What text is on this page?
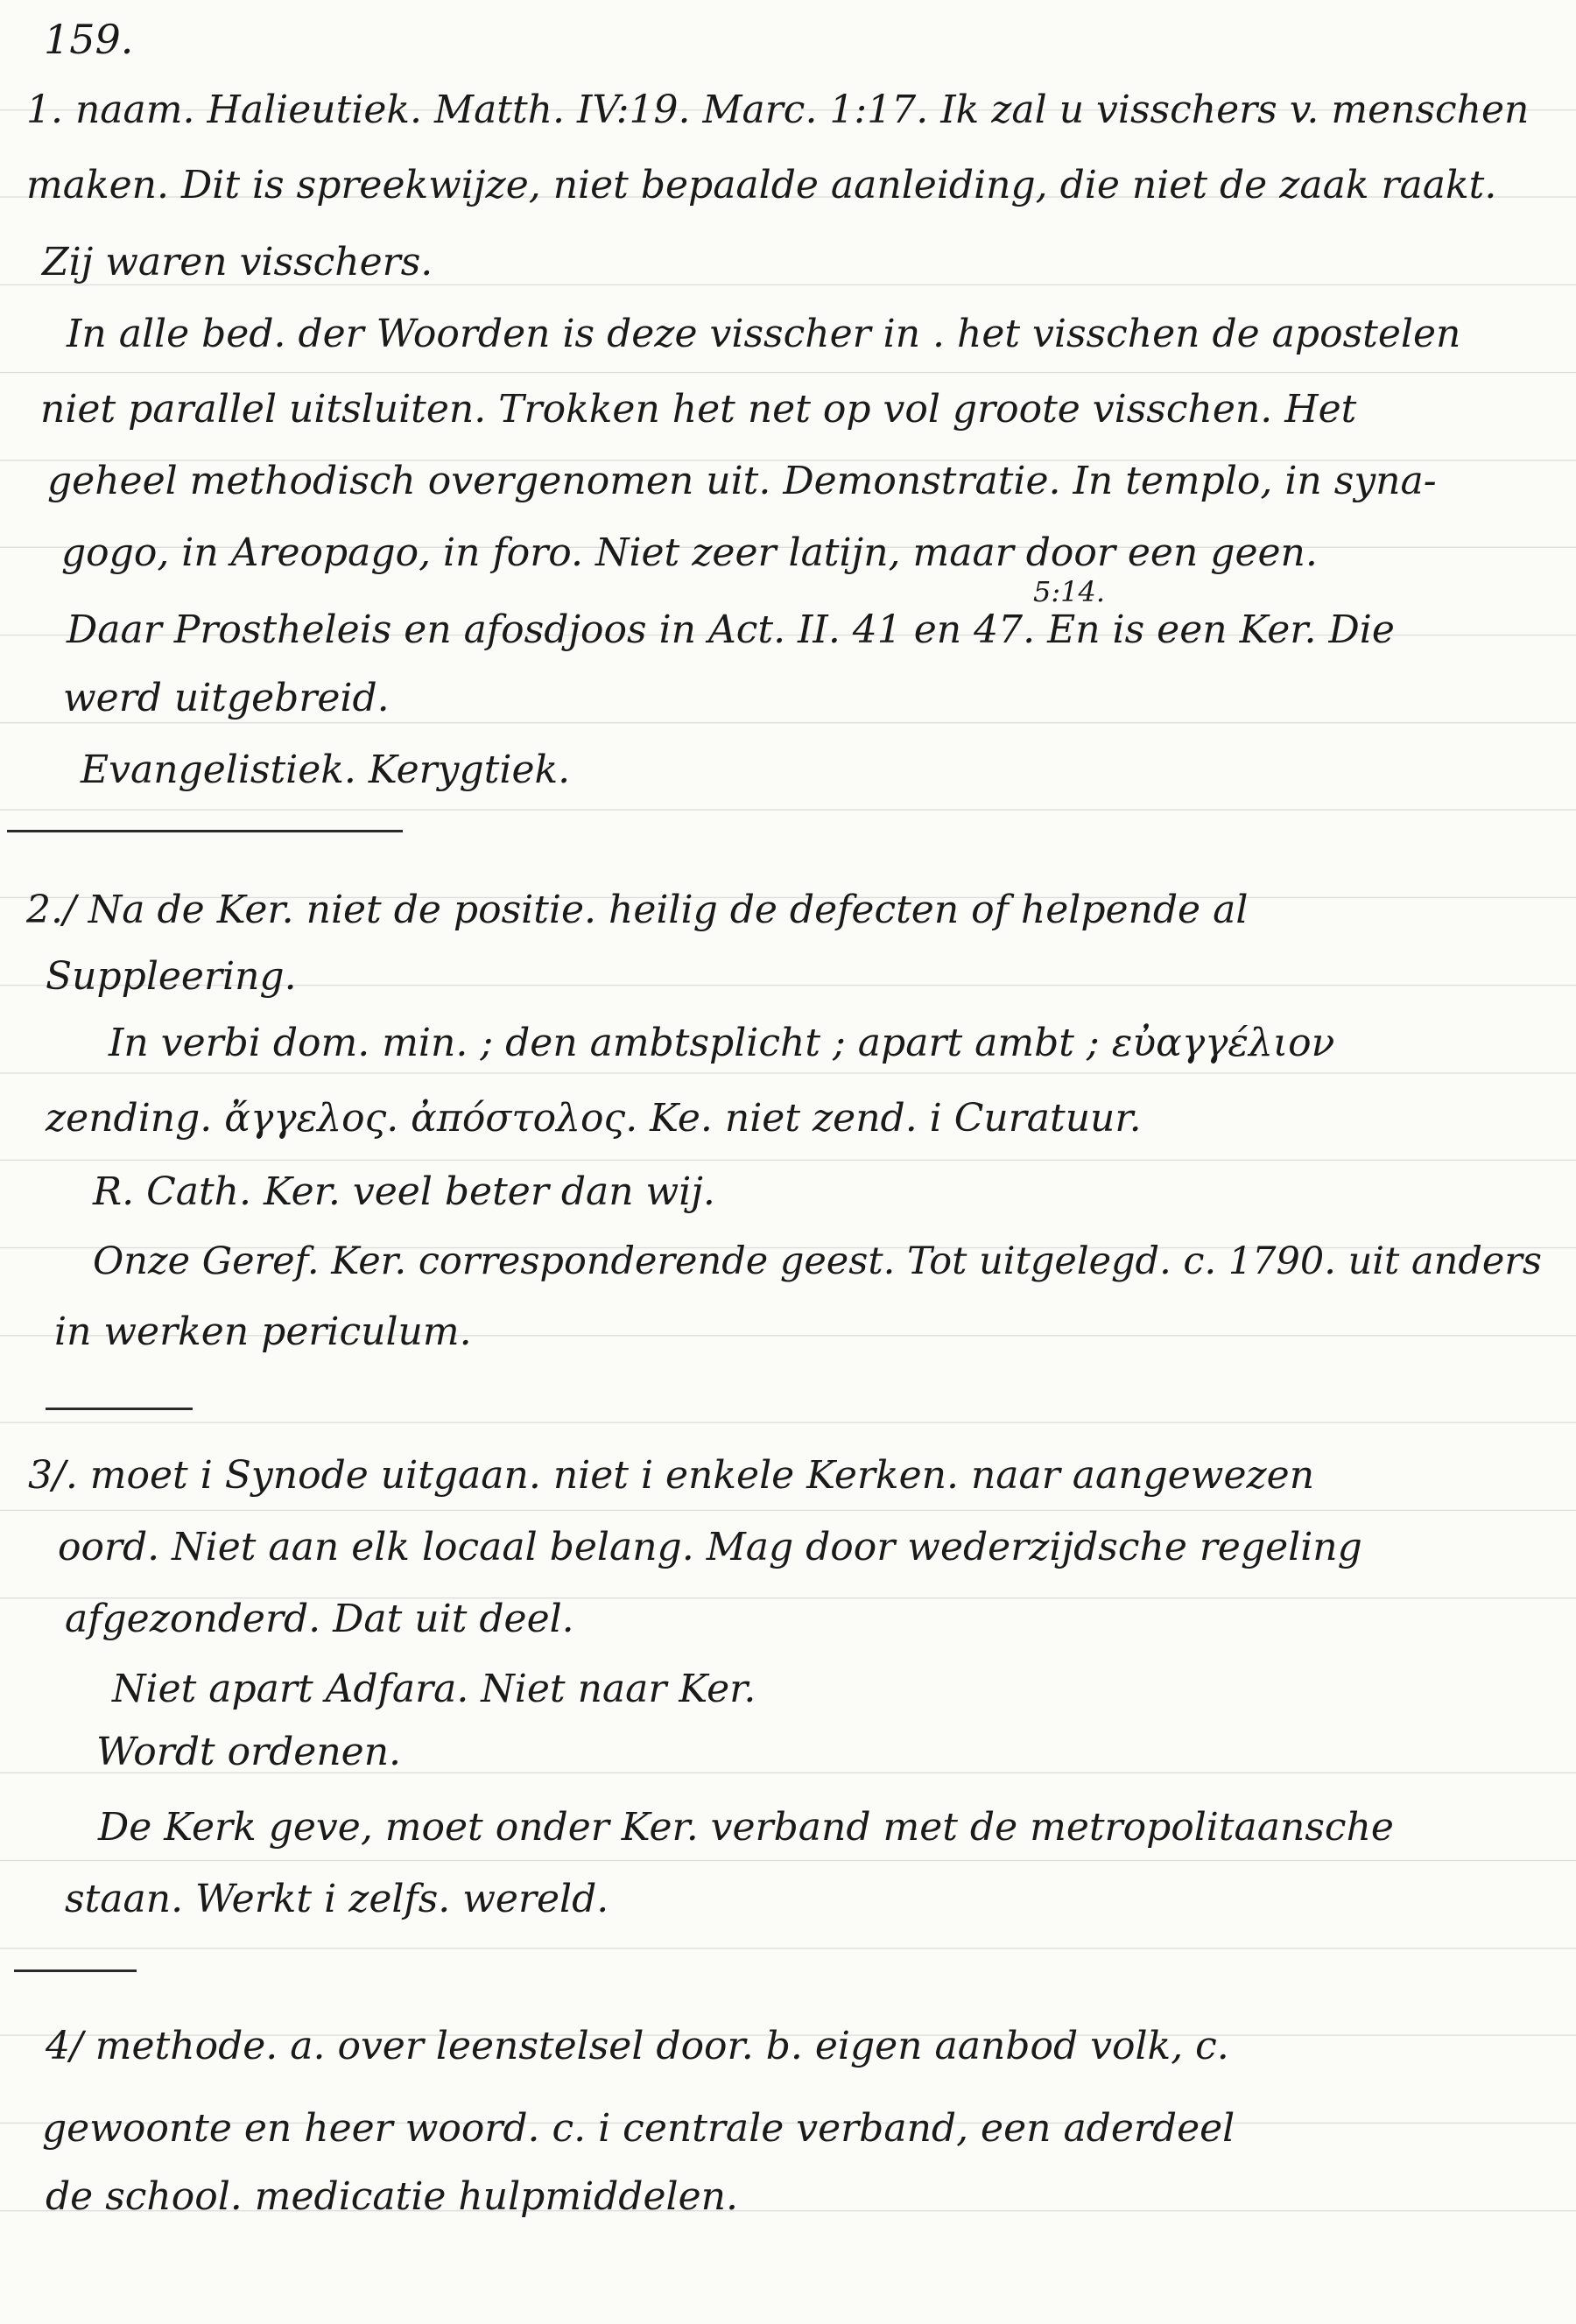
159.
1. naam. Halieutiek. Matth. IV:19. Marc. 1:17. Ik zal u visschers v. menschen
maken. Dit is spreekwijze, niet bepaalde aanleiding, die niet de zaak raakt.
Zij waren visschers.
In alle bed. der Woorden is deze visscher in . het visschen de apostelen
niet parallel uitsluiten. Trokken het net op vol groote visschen. Het
geheel methodisch overgenomen uit. Demonstratie. In templo, in syna-
gogo, in Areopago, in foro. Niet zeer latijn, maar door een geen.
5:14.
Daar Prostheleis en afosdjoos in Act. II. 41 en 47. En is een Ker. Die
werd uitgebreid.
Evangelistiek. Kerygtiek.
2./ Na de Ker. niet de positie. heilig de defecten of helpende al
Suppleering.
In verbi dom. min. ; den ambtsplicht ; apart ambt ; εὐαγγέλιον
zending. ἄγγελος. ἀπόστολος. Ke. niet zend. i Curatuur.
R. Cath. Ker. veel beter dan wij.
Onze Geref. Ker. corresponderende geest. Tot uitgelegd. c. 1790. uit anders
in werken periculum.
3/. moet i Synode uitgaan. niet i enkele Kerken. naar aangewezen
oord. Niet aan elk locaal belang. Mag door wederzijdsche regeling
afgezonderd. Dat uit deel.
Niet apart Adfara. Niet naar Ker.
Wordt ordenen.
De Kerk geve, moet onder Ker. verband met de metropolitaansche
staan. Werkt i zelfs. wereld.
4/ methode. a. over leenstelsel door. b. eigen aanbod volk, c.
gewoonte en heer woord. c. i centrale verband, een aderdeel
de school. medicatie hulpmiddelen.
